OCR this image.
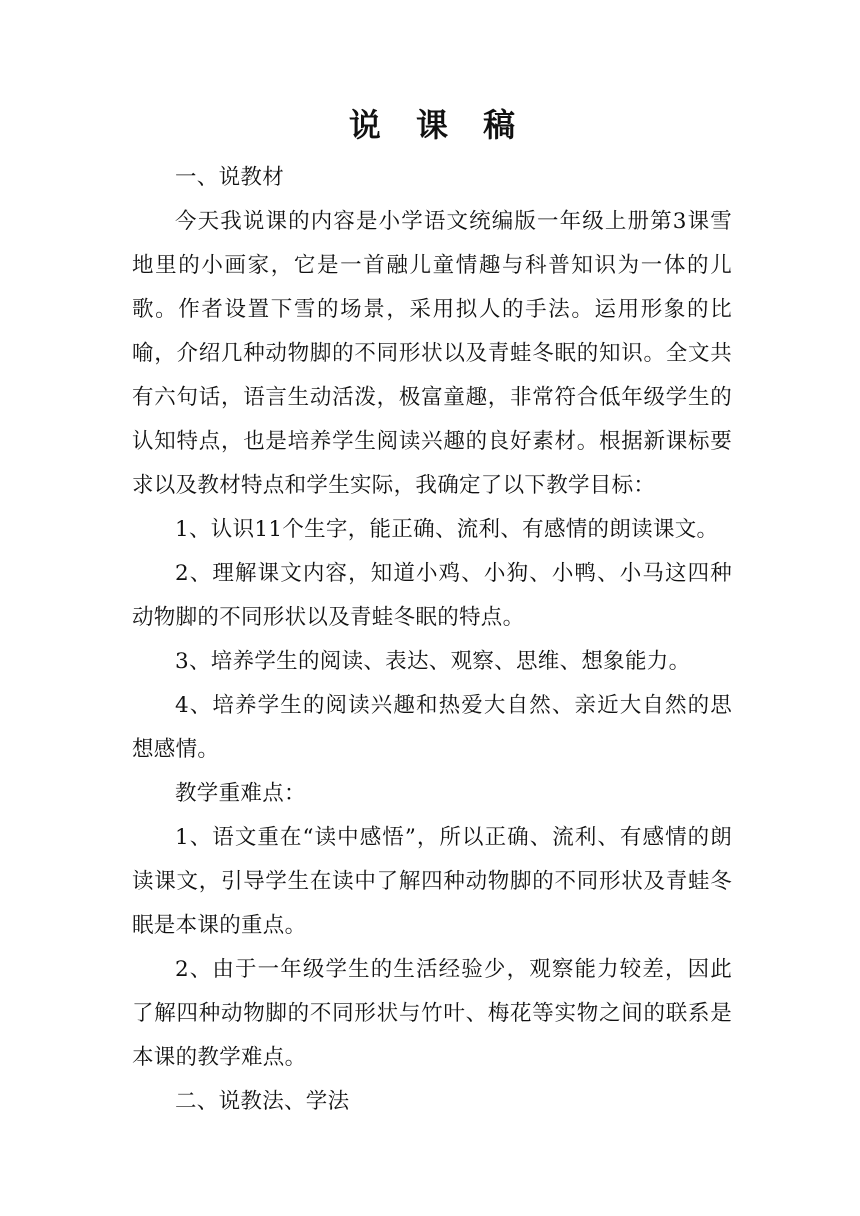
说 课 稿

一、说教材

今天我说课的内容是小学语文统编版一年级上册第3课雪地里的小画家，它是一首融儿童情趣与科普知识为一体的儿歌。作者设置下雪的场景，采用拟人的手法。运用形象的比喻，介绍几种动物脚的不同形状以及青蛙冬眠的知识。全文共有六句话，语言生动活泼，极富童趣，非常符合低年级学生的认知特点，也是培养学生阅读兴趣的良好素材。根据新课标要求以及教材特点和学生实际，我确定了以下教学目标：

1、认识11个生字，能正确、流利、有感情的朗读课文。

2、理解课文内容，知道小鸡、小狗、小鸭、小马这四种动物脚的不同形状以及青蛙冬眠的特点。

3、培养学生的阅读、表达、观察、思维、想象能力。

4、培养学生的阅读兴趣和热爱大自然、亲近大自然的思想感情。

教学重难点：

1、语文重在“读中感悟”，所以正确、流利、有感情的朗读课文，引导学生在读中了解四种动物脚的不同形状及青蛙冬眠是本课的重点。

2、由于一年级学生的生活经验少，观察能力较差，因此了解四种动物脚的不同形状与竹叶、梅花等实物之间的联系是本课的教学难点。

二、说教法、学法
